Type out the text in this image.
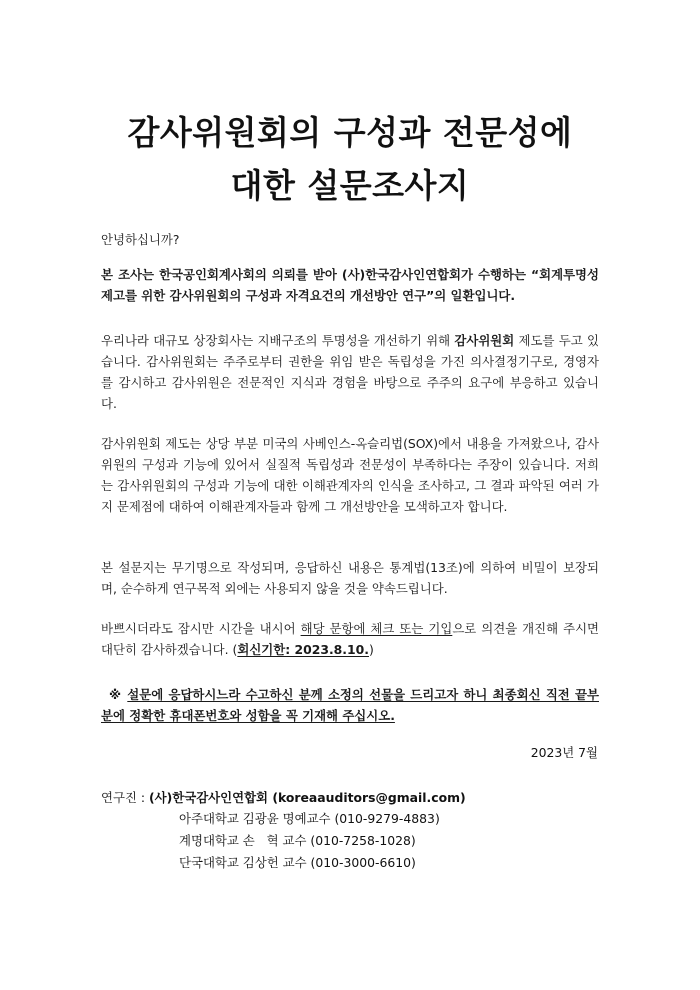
감사위원회의 구성과 전문성에
대한 설문조사지

안녕하십니까?

본 조사는 한국공인회계사회의 의뢰를 받아 (사)한국감사인연합회가 수행하는 “회계투명성 제고를 위한 감사위원회의 구성과 자격요건의 개선방안 연구”의 일환입니다.

우리나라 대규모 상장회사는 지배구조의 투명성을 개선하기 위해 감사위원회 제도를 두고 있습니다. 감사위원회는 주주로부터 권한을 위임 받은 독립성을 가진 의사결정기구로, 경영자를 감시하고 감사위원은 전문적인 지식과 경험을 바탕으로 주주의 요구에 부응하고 있습니다.

감사위원회 제도는 상당 부분 미국의 사베인스-옥슬리법(SOX)에서 내용을 가져왔으나, 감사위원의 구성과 기능에 있어서 실질적 독립성과 전문성이 부족하다는 주장이 있습니다. 저희는 감사위원회의 구성과 기능에 대한 이해관계자의 인식을 조사하고, 그 결과 파악된 여러 가지 문제점에 대하여 이해관계자들과 함께 그 개선방안을 모색하고자 합니다.

본 설문지는 무기명으로 작성되며, 응답하신 내용은 통계법(13조)에 의하여 비밀이 보장되며, 순수하게 연구목적 외에는 사용되지 않을 것을 약속드립니다.

바쁘시더라도 잠시만 시간을 내시어 해당 문항에 체크 또는 기입으로 의견을 개진해 주시면 대단히 감사하겠습니다. (회신기한: 2023.8.10.)

※ 설문에 응답하시느라 수고하신 분께 소정의 선물을 드리고자 하니 최종회신 직전 끝부분에 정확한 휴대폰번호와 성함을 꼭 기재해 주십시오.

2023년 7월

연구진 : (사)한국감사인연합회 (koreaauditors@gmail.com)

아주대학교 김광윤 명예교수 (010-9279-4883)

계명대학교 손   혁 교수 (010-7258-1028)

단국대학교 김상헌 교수 (010-3000-6610)
